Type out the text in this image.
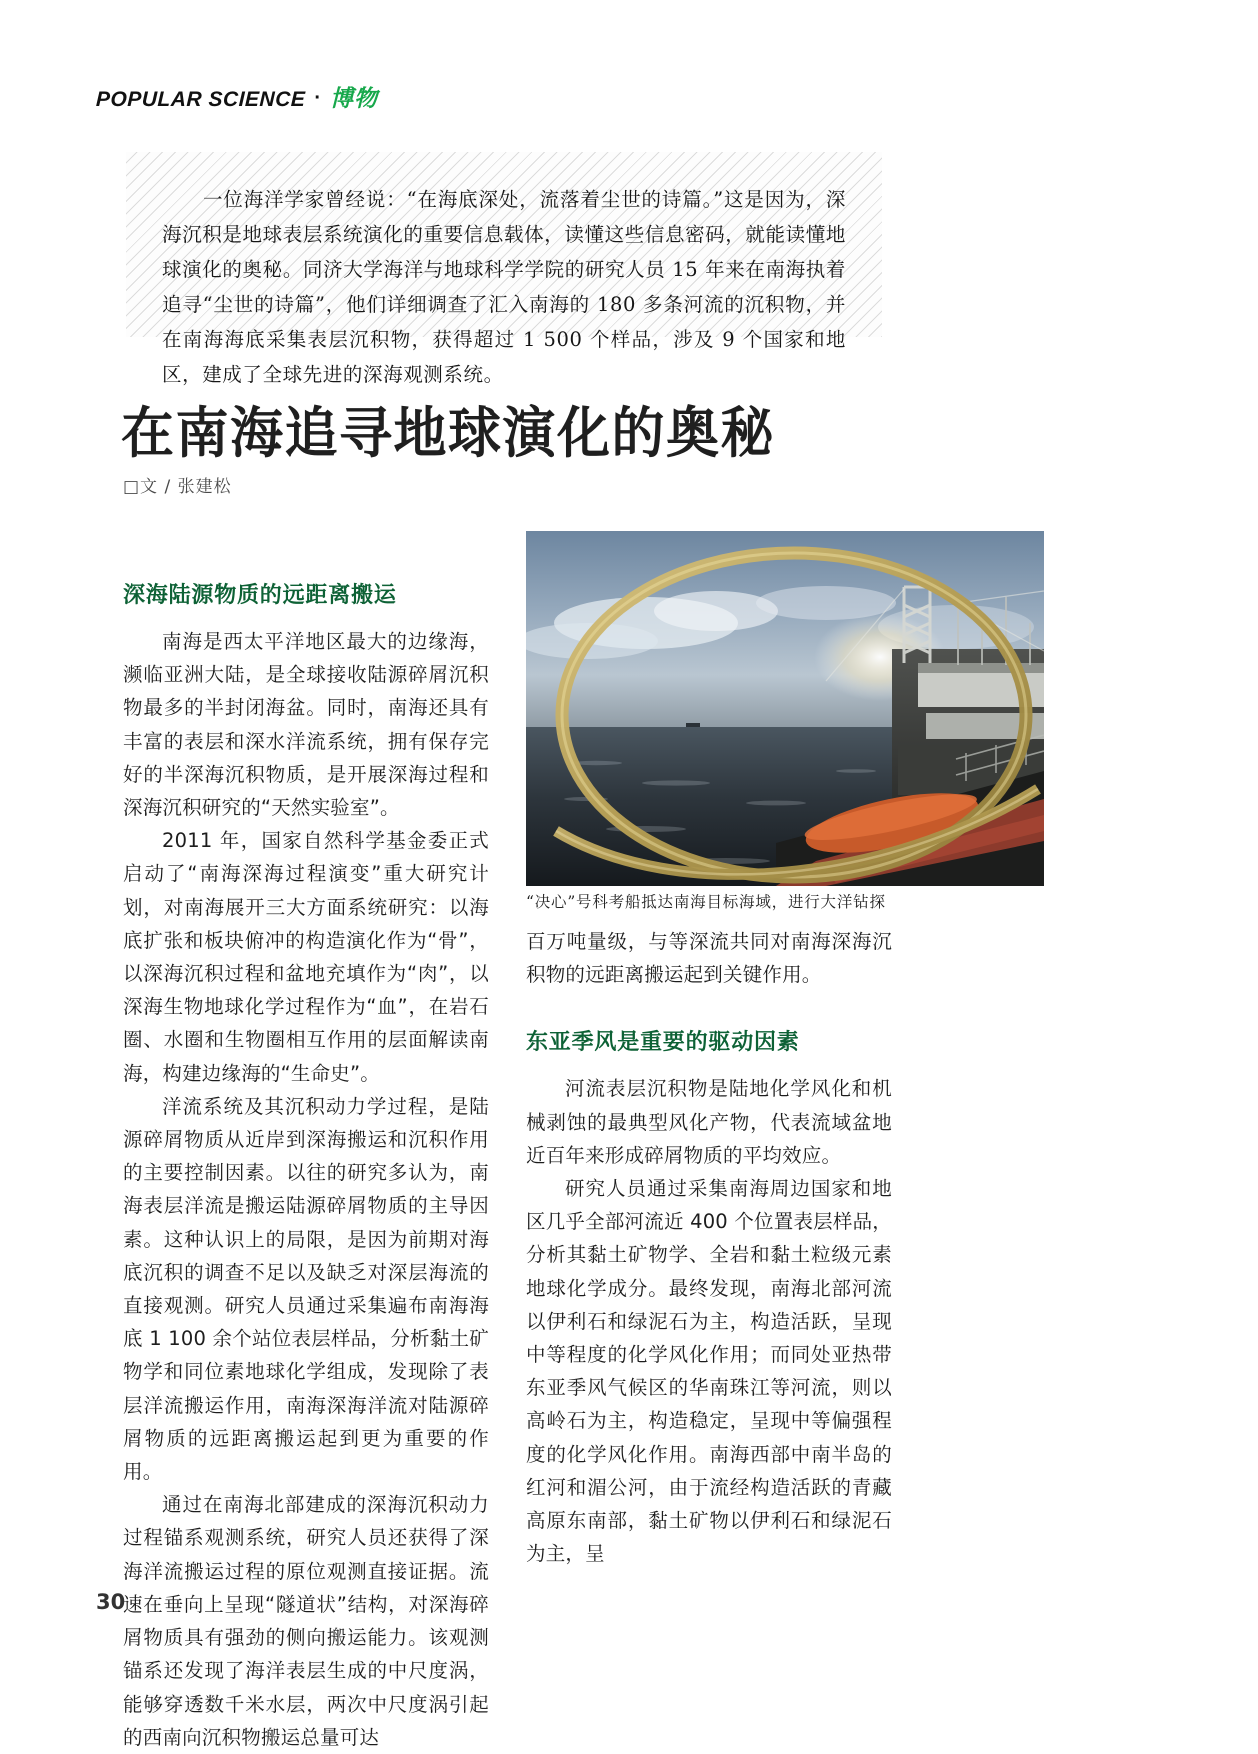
POPULAR SCIENCE · 博物

一位海洋学家曾经说：“在海底深处，流落着尘世的诗篇。”这是因为，深海沉积是地球表层系统演化的重要信息载体，读懂这些信息密码，就能读懂地球演化的奥秘。同济大学海洋与地球科学学院的研究人员 15 年来在南海执着追寻“尘世的诗篇”，他们详细调查了汇入南海的 180 多条河流的沉积物，并在南海海底采集表层沉积物，获得超过 1 500 个样品，涉及 9 个国家和地区，建成了全球先进的深海观测系统。

在南海追寻地球演化的奥秘
□文 / 张建松
深海陆源物质的远距离搬运

南海是西太平洋地区最大的边缘海，濒临亚洲大陆，是全球接收陆源碎屑沉积物最多的半封闭海盆。同时，南海还具有丰富的表层和深水洋流系统，拥有保存完好的半深海沉积物质，是开展深海过程和深海沉积研究的“天然实验室”。

2011 年，国家自然科学基金委正式启动了“南海深海过程演变”重大研究计划，对南海展开三大方面系统研究：以海底扩张和板块俯冲的构造演化作为“骨”，以深海沉积过程和盆地充填作为“肉”，以深海生物地球化学过程作为“血”，在岩石圈、水圈和生物圈相互作用的层面解读南海，构建边缘海的“生命史”。

洋流系统及其沉积动力学过程，是陆源碎屑物质从近岸到深海搬运和沉积作用的主要控制因素。以往的研究多认为，南海表层洋流是搬运陆源碎屑物质的主导因素。这种认识上的局限，是因为前期对海底沉积的调查不足以及缺乏对深层海流的直接观测。研究人员通过采集遍布南海海底 1 100 余个站位表层样品，分析黏土矿物学和同位素地球化学组成，发现除了表层洋流搬运作用，南海深海洋流对陆源碎屑物质的远距离搬运起到更为重要的作用。

通过在南海北部建成的深海沉积动力过程锚系观测系统，研究人员还获得了深海洋流搬运过程的原位观测直接证据。流速在垂向上呈现“隧道状”结构，对深海碎屑物质具有强劲的侧向搬运能力。该观测锚系还发现了海洋表层生成的中尺度涡，能够穿透数千米水层，两次中尺度涡引起的西南向沉积物搬运总量可达

“决心”号科考船抵达南海目标海域，进行大洋钻探

百万吨量级，与等深流共同对南海深海沉积物的远距离搬运起到关键作用。

东亚季风是重要的驱动因素

河流表层沉积物是陆地化学风化和机械剥蚀的最典型风化产物，代表流域盆地近百年来形成碎屑物质的平均效应。

研究人员通过采集南海周边国家和地区几乎全部河流近 400 个位置表层样品，分析其黏土矿物学、全岩和黏土粒级元素地球化学成分。最终发现，南海北部河流以伊利石和绿泥石为主，构造活跃，呈现中等程度的化学风化作用；而同处亚热带东亚季风气候区的华南珠江等河流，则以高岭石为主，构造稳定，呈现中等偏强程度的化学风化作用。南海西部中南半岛的红河和湄公河，由于流经构造活跃的青藏高原东南部，黏土矿物以伊利石和绿泥石为主，呈

30
